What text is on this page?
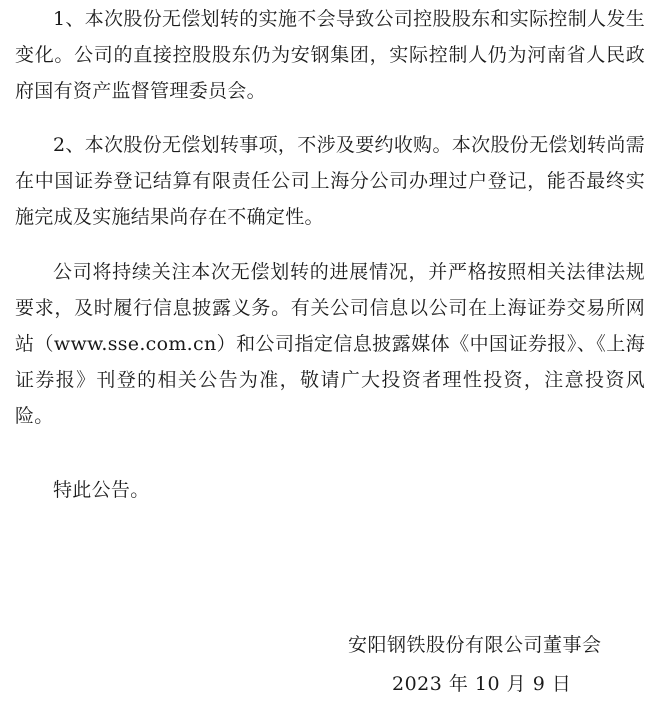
1、本次股份无偿划转的实施不会导致公司控股股东和实际控制人发生变化。公司的直接控股股东仍为安钢集团，实际控制人仍为河南省人民政府国有资产监督管理委员会。

2、本次股份无偿划转事项，不涉及要约收购。本次股份无偿划转尚需在中国证券登记结算有限责任公司上海分公司办理过户登记，能否最终实施完成及实施结果尚存在不确定性。

公司将持续关注本次无偿划转的进展情况，并严格按照相关法律法规要求，及时履行信息披露义务。有关公司信息以公司在上海证券交易所网站（www.sse.com.cn）和公司指定信息披露媒体《中国证券报》、《上海证券报》刊登的相关公告为准，敬请广大投资者理性投资，注意投资风险。

特此公告。

安阳钢铁股份有限公司董事会

2023 年 10 月 9 日
